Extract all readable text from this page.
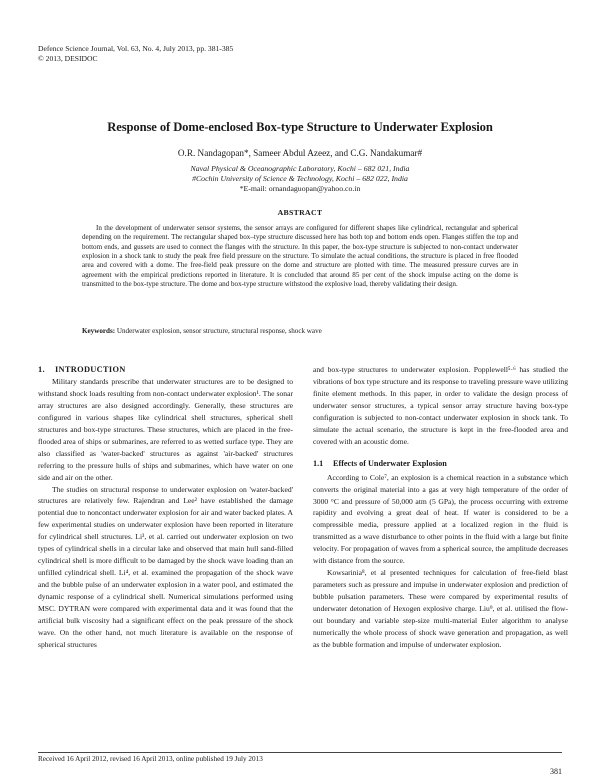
Defence Science Journal, Vol. 63, No. 4, July 2013, pp. 381-385
© 2013, DESIDOC
Response of Dome-enclosed Box-type Structure to Underwater Explosion
O.R. Nandagopan*, Sameer Abdul Azeez, and C.G. Nandakumar#
Naval Physical & Oceanographic Laboratory, Kochi – 682 021, India
#Cochin University of Science & Technology, Kochi – 682 022, India
*E-mail: ornandaguopan@yahoo.co.in
ABSTRACT

In the development of underwater sensor systems, the sensor arrays are configured for different shapes like cylindrical, rectangular and spherical depending on the requirement. The rectangular shaped box–type structure discussed here has both top and bottom ends open. Flanges stiffen the top and bottom ends, and gussets are used to connect the flanges with the structure. In this paper, the box-type structure is subjected to non-contact underwater explosion in a shock tank to study the peak free field pressure on the structure. To simulate the actual conditions, the structure is placed in free flooded area and covered with a dome. The free-field peak pressure on the dome and structure are plotted with time. The measured pressure curves are in agreement with the empirical predictions reported in literature. It is concluded that around 85 per cent of the shock impulse acting on the dome is transmitted to the box-type structure. The dome and box-type structure withstood the explosive load, thereby validating their design.

Keywords: Underwater explosion, sensor structure, structural response, shock wave
1. INTRODUCTION

Military standards prescribe that underwater structures are to be designed to withstand shock loads resulting from non-contact underwater explosion¹. The sonar array structures are also designed accordingly. Generally, these structures are configured in various shapes like cylindrical shell structures, spherical shell structures and box-type structures. These structures, which are placed in the free-flooded area of ships or submarines, are referred to as wetted surface type. They are also classified as 'water-backed' structures as against 'air-backed' structures referring to the pressure hulls of ships and submarines, which have water on one side and air on the other.

The studies on structural response to underwater explosion on 'water-backed' structures are relatively few. Rajendran and Lee² have established the damage potential due to noncontact underwater explosion for air and water backed plates. A few experimental studies on underwater explosion have been reported in literature for cylindrical shell structures. Li³, et al. carried out underwater explosion on two types of cylindrical shells in a circular lake and observed that main hull sand-filled cylindrical shell is more difficult to be damaged by the shock wave loading than an unfilled cylindrical shell. Li⁴, et al. examined the propagation of the shock wave and the bubble pulse of an underwater explosion in a water pool, and estimated the dynamic response of a cylindrical shell. Numerical simulations performed using MSC. DYTRAN were compared with experimental data and it was found that the artificial bulk viscosity had a significant effect on the peak pressure of the shock wave. On the other hand, not much literature is available on the response of spherical structures

and box-type structures to underwater explosion. Popplewell⁵·⁶ has studied the vibrations of box type structure and its response to traveling pressure wave utilizing finite element methods. In this paper, in order to validate the design process of underwater sensor structures, a typical sensor array structure having box-type configuration is subjected to non-contact underwater explosion in shock tank. To simulate the actual scenario, the structure is kept in the free-flooded area and covered with an acoustic dome.

1.1 Effects of Underwater Explosion

According to Cole⁷, an explosion is a chemical reaction in a substance which converts the original material into a gas at very high temperature of the order of 3000 °C and pressure of 50,000 atm (5 GPa), the process occurring with extreme rapidity and evolving a great deal of heat. If water is considered to be a compressible media, pressure applied at a localized region in the fluid is transmitted as a wave disturbance to other points in the fluid with a large but finite velocity. For propagation of waves from a spherical source, the amplitude decreases with distance from the source.

Kowsarinia⁸, et al presented techniques for calculation of free-field blast parameters such as pressure and impulse in underwater explosion and prediction of bubble pulsation parameters. These were compared by experimental results of underwater detonation of Hexogen explosive charge. Liu⁹, et al. utilised the flow-out boundary and variable step-size multi-material Euler algorithm to analyse numerically the whole process of shock wave generation and propagation, as well as the bubble formation and impulse of underwater explosion.

Received 16 April 2012, revised 16 April 2013, online published 19 July 2013
381
